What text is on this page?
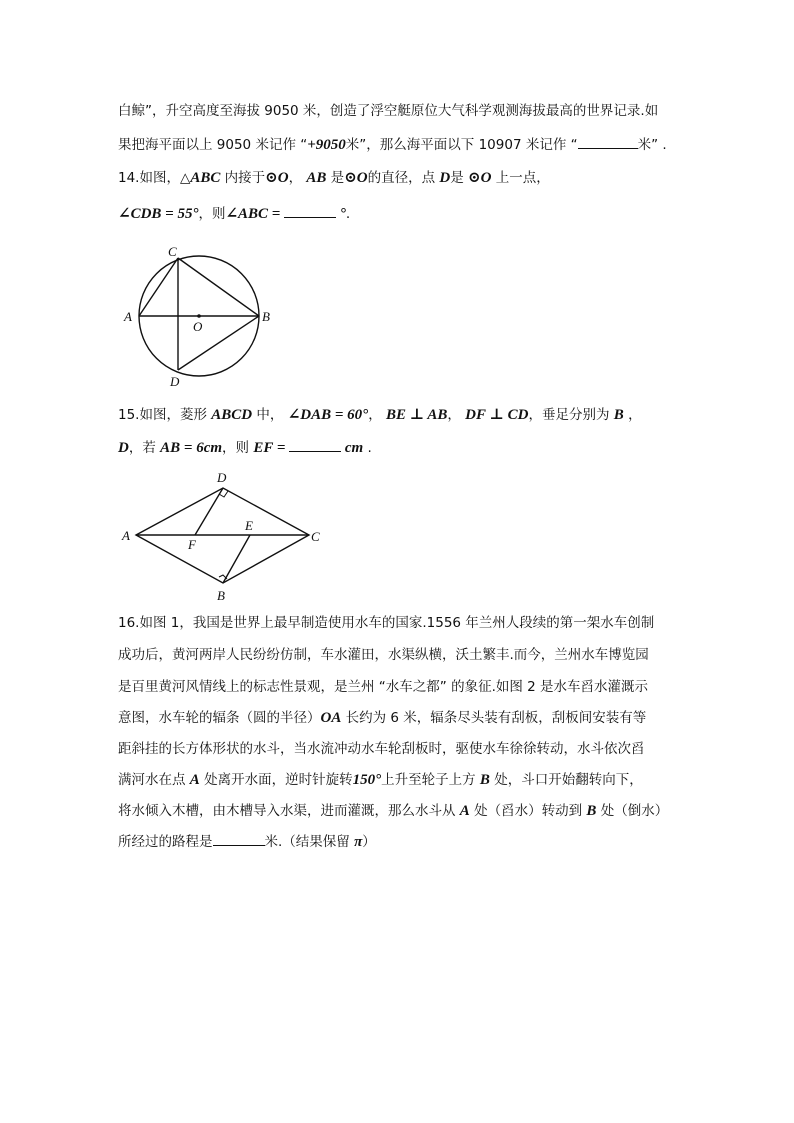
白鲸”，升空高度至海拔 9050 米，创造了浮空艇原位大气科学观测海拔最高的世界记录.如
果把海平面以上 9050 米记作 “+9050米”，那么海平面以下 10907 米记作 “	米” .
14.如图，△ABC 内接于⊙O， AB 是⊙O的直径，点 D是 ⊙O 上一点，
∠CDB = 55°，则∠ABC =	°.
15.如图，菱形 ABCD 中， ∠DAB = 60°， BE ⊥ AB， DF ⊥ CD，垂足分别为 B ，
D，若 AB = 6cm，则 EF =	cm .
16.如图 1，我国是世界上最早制造使用水车的国家.1556 年兰州人段续的第一架水车创制
成功后，黄河两岸人民纷纷仿制，车水灌田，水渠纵横，沃土繁丰.而今，兰州水车博览园
是百里黄河风情线上的标志性景观，是兰州 “水车之都” 的象征.如图 2 是水车舀水灌溉示
意图，水车轮的辐条（圆的半径）OA 长约为 6 米，辐条尽头装有刮板，刮板间安装有等
距斜挂的长方体形状的水斗，当水流冲动水车轮刮板时，驱使水车徐徐转动，水斗依次舀
满河水在点 A 处离开水面，逆时针旋转150°上升至轮子上方 B 处，斗口开始翻转向下，
将水倾入木槽，由木槽导入水渠，进而灌溉，那么水斗从 A 处（舀水）转动到 B 处（倒水）
所经过的路程是	米.（结果保留 π）
C
A	B
O
D
D
A	C
E
F
B
